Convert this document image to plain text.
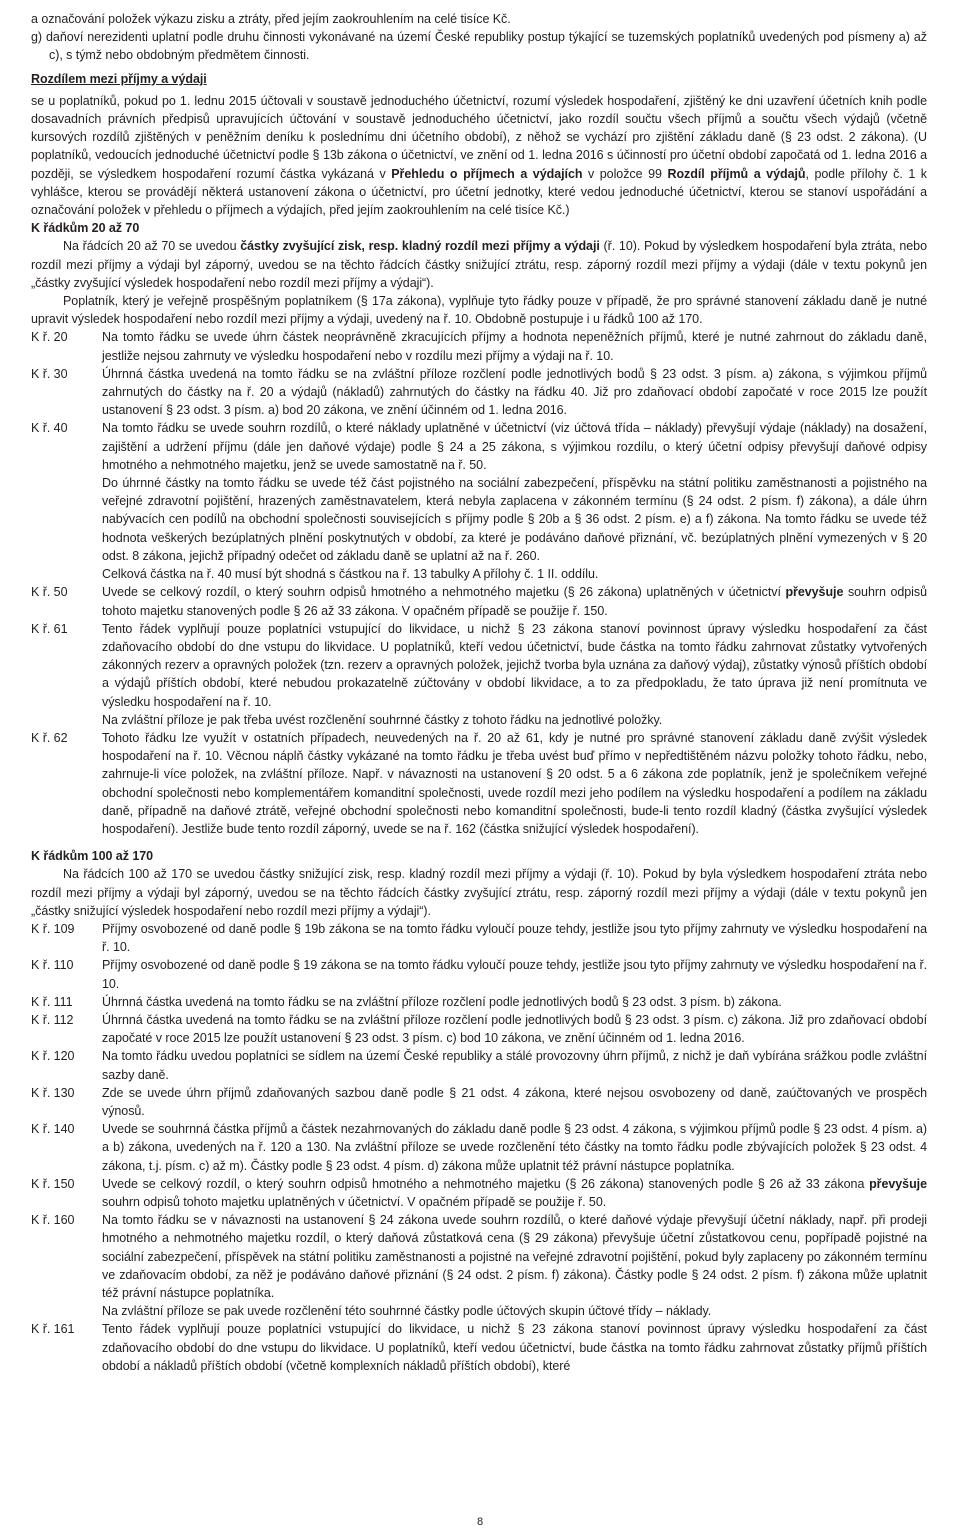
a označování položek výkazu zisku a ztráty, před jejím zaokrouhlením na celé tisíce Kč.

g) daňoví nerezidenti uplatní podle druhu činnosti vykonávané na území České republiky postup týkající se tuzemských poplatníků uvedených pod písmeny a) až c), s týmž nebo obdobným předmětem činnosti.

Rozdílem mezi příjmy a výdaji

se u poplatníků, pokud po 1. lednu 2015 účtovali v soustavě jednoduchého účetnictví, rozumí výsledek hospodaření, zjištěný ke dni uzavření účetních knih podle dosavadních právních předpisů upravujících účtování v soustavě jednoduchého účetnictví, jako rozdíl součtu všech příjmů a součtu všech výdajů (včetně kursových rozdílů zjištěných v peněžním deníku k poslednímu dni účetního období), z něhož se vychází pro zjištění základu daně (§ 23 odst. 2 zákona). (U poplatníků, vedoucích jednoduché účetnictví podle § 13b zákona o účetnictví, ve znění od 1. ledna 2016 s účinností pro účetní období započatá od 1. ledna 2016 a později, se výsledkem hospodaření rozumí částka vykázaná v Přehledu o příjmech a výdajích v položce 99 Rozdíl příjmů a výdajů, podle přílohy č. 1 k vyhlášce, kterou se provádějí některá ustanovení zákona o účetnictví, pro účetní jednotky, které vedou jednoduché účetnictví, kterou se stanoví uspořádání a označování položek v přehledu o příjmech a výdajích, před jejím zaokrouhlením na celé tisíce Kč.)

K řádkům 20 až 70

Na řádcích 20 až 70 se uvedou částky zvyšující zisk, resp. kladný rozdíl mezi příjmy a výdaji (ř. 10). Pokud by výsledkem hospodaření byla ztráta, nebo rozdíl mezi příjmy a výdaji byl záporný, uvedou se na těchto řádcích částky snižující ztrátu, resp. záporný rozdíl mezi příjmy a výdaji (dále v textu pokynů jen „částky zvyšující výsledek hospodaření nebo rozdíl mezi příjmy a výdaji“).

Poplatník, který je veřejně prospěšným poplatníkem (§ 17a zákona), vyplňuje tyto řádky pouze v případě, že pro správné stanovení základu daně je nutné upravit výsledek hospodaření nebo rozdíl mezi příjmy a výdaji, uvedený na ř. 10. Obdobně postupuje i u řádků 100 až 170.

K ř. 20	Na tomto řádku se uvede úhrn částek neoprávněně zkracujících příjmy a hodnota nepeněžních příjmů, které je nutné zahrnout do základu daně, jestliže nejsou zahrnuty ve výsledku hospodaření nebo v rozdílu mezi příjmy a výdaji na ř. 10.
K ř. 30	Úhrnná částka uvedená na tomto řádku se na zvláštní příloze rozčlení podle jednotlivých bodů § 23 odst. 3 písm. a) zákona, s výjimkou příjmů zahrnutých do částky na ř. 20 a výdajů (nákladů) zahrnutých do částky na řádku 40. Již pro zdaňovací období započaté v roce 2015 lze použít ustanovení § 23 odst. 3 písm. a) bod 20 zákona, ve znění účinném od 1. ledna 2016.
K ř. 40	Na tomto řádku se uvede souhrn rozdílů, o které náklady uplatněné v účetnictví (viz účtová třída – náklady) převyšují výdaje (náklady) na dosažení, zajištění a udržení příjmu (dále jen daňové výdaje) podle § 24 a 25 zákona, s výjimkou rozdílu, o který účetní odpisy převyšují daňové odpisy hmotného a nehmotného majetku, jenž se uvede samostatně na ř. 50.

Do úhrnné částky na tomto řádku se uvede též část pojistného na sociální zabezpečení, příspěvku na státní politiku zaměstnanosti a pojistného na veřejné zdravotní pojištění, hrazených zaměstnavatelem, která nebyla zaplacena v zákonném termínu (§ 24 odst. 2 písm. f) zákona), a dále úhrn nabývacích cen podílů na obchodní společnosti souvisejících s příjmy podle § 20b a § 36 odst. 2 písm. e) a f) zákona. Na tomto řádku se uvede též hodnota veškerých bezúplatných plnění poskytnutých v období, za které je podáváno daňové přiznání, vč. bezúplatných plnění vymezených v § 20 odst. 8 zákona, jejichž případný odečet od základu daně se uplatní až na ř. 260.

Celková částka na ř. 40 musí být shodná s částkou na ř. 13 tabulky A přílohy č. 1 II. oddílu.

K ř. 50	Uvede se celkový rozdíl, o který souhrn odpisů hmotného a nehmotného majetku (§ 26 zákona) uplatněných v účetnictví převyšuje souhrn odpisů tohoto majetku stanovených podle § 26 až 33 zákona. V opačném případě se použije ř. 150.
K ř. 61	Tento řádek vyplňují pouze poplatníci vstupující do likvidace, u nichž § 23 zákona stanoví povinnost úpravy výsledku hospodaření za část zdaňovacího období do dne vstupu do likvidace. U poplatníků, kteří vedou účetnictví, bude částka na tomto řádku zahrnovat zůstatky vytvořených zákonných rezerv a opravných položek (tzn. rezerv a opravných položek, jejichž tvorba byla uznána za daňový výdaj), zůstatky výnosů příštích období a výdajů příštích období, které nebudou prokazatelně zúčtovány v období likvidace, a to za předpokladu, že tato úprava již není promítnuta ve výsledku hospodaření na ř. 10.

Na zvláštní příloze je pak třeba uvést rozčlenění souhrnné částky z tohoto řádku na jednotlivé položky.

K ř. 62	Tohoto řádku lze využít v ostatních případech, neuvedených na ř. 20 až 61, kdy je nutné pro správné stanovení základu daně zvýšit výsledek hospodaření na ř. 10. Věcnou náplň částky vykázané na tomto řádku je třeba uvést buď přímo v nepředtištěném názvu položky tohoto řádku, nebo, zahrnuje-li více položek, na zvláštní příloze. Např. v návaznosti na ustanovení § 20 odst. 5 a 6 zákona zde poplatník, jenž je společníkem veřejné obchodní společnosti nebo komplementářem komanditní společnosti, uvede rozdíl mezi jeho podílem na výsledku hospodaření a podílem na základu daně, případně na daňové ztrátě, veřejné obchodní společnosti nebo komanditní společnosti, bude-li tento rozdíl kladný (částka zvyšující výsledek hospodaření). Jestliže bude tento rozdíl záporný, uvede se na ř. 162 (částka snižující výsledek hospodaření).

K řádkům 100 až 170

Na řádcích 100 až 170 se uvedou částky snižující zisk, resp. kladný rozdíl mezi příjmy a výdaji (ř. 10). Pokud by byla výsledkem hospodaření ztráta nebo rozdíl mezi příjmy a výdaji byl záporný, uvedou se na těchto řádcích částky zvyšující ztrátu, resp. záporný rozdíl mezi příjmy a výdaji (dále v textu pokynů jen „částky snižující výsledek hospodaření nebo rozdíl mezi příjmy a výdaji“).

K ř. 109	Příjmy osvobozené od daně podle § 19b zákona se na tomto řádku vyloučí pouze tehdy, jestliže jsou tyto příjmy zahrnuty ve výsledku hospodaření na ř. 10.
K ř. 110	Příjmy osvobozené od daně podle § 19 zákona se na tomto řádku vyloučí pouze tehdy, jestliže jsou tyto příjmy zahrnuty ve výsledku hospodaření na ř. 10.
K ř. 111	Úhrnná částka uvedená na tomto řádku se na zvláštní příloze rozčlení podle jednotlivých bodů § 23 odst. 3 písm. b) zákona.
K ř. 112	Úhrnná částka uvedená na tomto řádku se na zvláštní příloze rozčlení podle jednotlivých bodů § 23 odst. 3 písm. c) zákona. Již pro zdaňovací období započaté v roce 2015 lze použít ustanovení § 23 odst. 3 písm. c) bod 10 zákona, ve znění účinném od 1. ledna 2016.
K ř. 120	Na tomto řádku uvedou poplatníci se sídlem na území České republiky a stálé provozovny úhrn příjmů, z nichž je daň vybírána srážkou podle zvláštní sazby daně.
K ř. 130	Zde se uvede úhrn příjmů zdaňovaných sazbou daně podle § 21 odst. 4 zákona, které nejsou osvobozeny od daně, zaúčtovaných ve prospěch výnosů.
K ř. 140	Uvede se souhrnná částka příjmů a částek nezahrnovaných do základu daně podle § 23 odst. 4 zákona, s výjimkou příjmů podle § 23 odst. 4 písm. a) a b) zákona, uvedených na ř. 120 a 130. Na zvláštní příloze se uvede rozčlenění této částky na tomto řádku podle zbývajících položek § 23 odst. 4 zákona, t.j. písm. c) až m). Částky podle § 23 odst. 4 písm. d) zákona může uplatnit též právní nástupce poplatníka.
K ř. 150	Uvede se celkový rozdíl, o který souhrn odpisů hmotného a nehmotného majetku (§ 26 zákona) stanovených podle § 26 až 33 zákona převyšuje souhrn odpisů tohoto majetku uplatněných v účetnictví. V opačném případě se použije ř. 50.
K ř. 160	Na tomto řádku se v návaznosti na ustanovení § 24 zákona uvede souhrn rozdílů, o které daňové výdaje převyšují účetní náklady, např. při prodeji hmotného a nehmotného majetku rozdíl, o který daňová zůstatková cena (§ 29 zákona) převyšuje účetní zůstatkovou cenu, popřípadě pojistné na sociální zabezpečení, příspěvek na státní politiku zaměstnanosti a pojistné na veřejné zdravotní pojištění, pokud byly zaplaceny po zákonném termínu ve zdaňovacím období, za něž je podáváno daňové přiznání (§ 24 odst. 2 písm. f) zákona). Částky podle § 24 odst. 2 písm. f) zákona může uplatnit též právní nástupce poplatníka.

Na zvláštní příloze se pak uvede rozčlenění této souhrnné částky podle účtových skupin účtové třídy – náklady.

K ř. 161	Tento řádek vyplňují pouze poplatníci vstupující do likvidace, u nichž § 23 zákona stanoví povinnost úpravy výsledku hospodaření za část zdaňovacího období do dne vstupu do likvidace. U poplatníků, kteří vedou účetnictví, bude částka na tomto řádku zahrnovat zůstatky příjmů příštích období a nákladů příštích období (včetně komplexních nákladů příštích období), které
8
